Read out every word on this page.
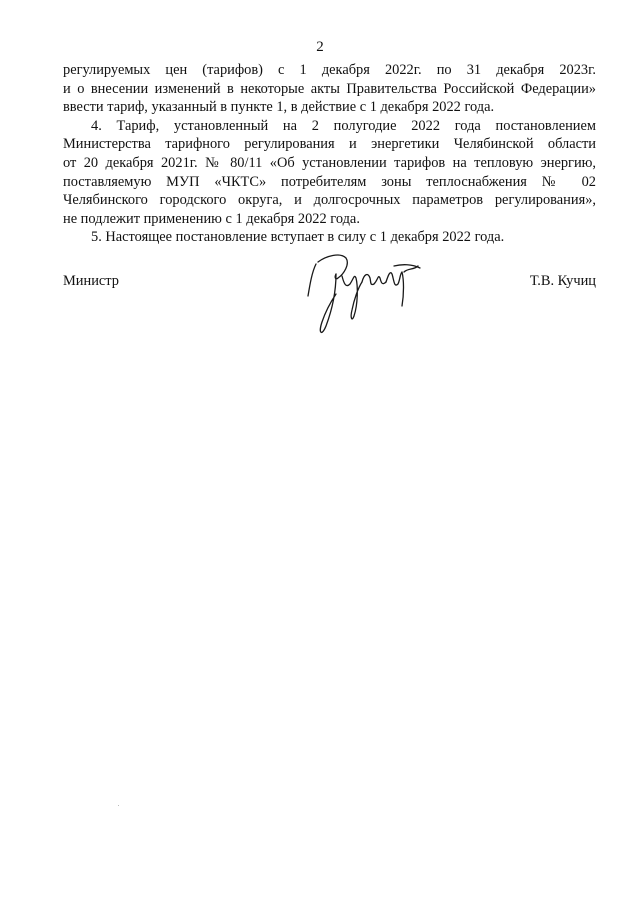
2

регулируемых цен (тарифов) с 1 декабря 2022г. по 31 декабря 2023г.
и о внесении изменений в некоторые акты Правительства Российской Федерации»
ввести тариф, указанный в пункте 1, в действие с 1 декабря 2022 года.

4. Тариф, установленный на 2 полугодие 2022 года постановлением
Министерства тарифного регулирования и энергетики Челябинской области
от 20 декабря 2021г. № 80/11 «Об установлении тарифов на тепловую энергию,
поставляемую МУП «ЧКТС» потребителям зоны теплоснабжения № 02
Челябинского городского округа, и долгосрочных параметров регулирования»,
не подлежит применению с 1 декабря 2022 года.

5. Настоящее постановление вступает в силу с 1 декабря 2022 года.

Министр	Т.В. Кучиц
